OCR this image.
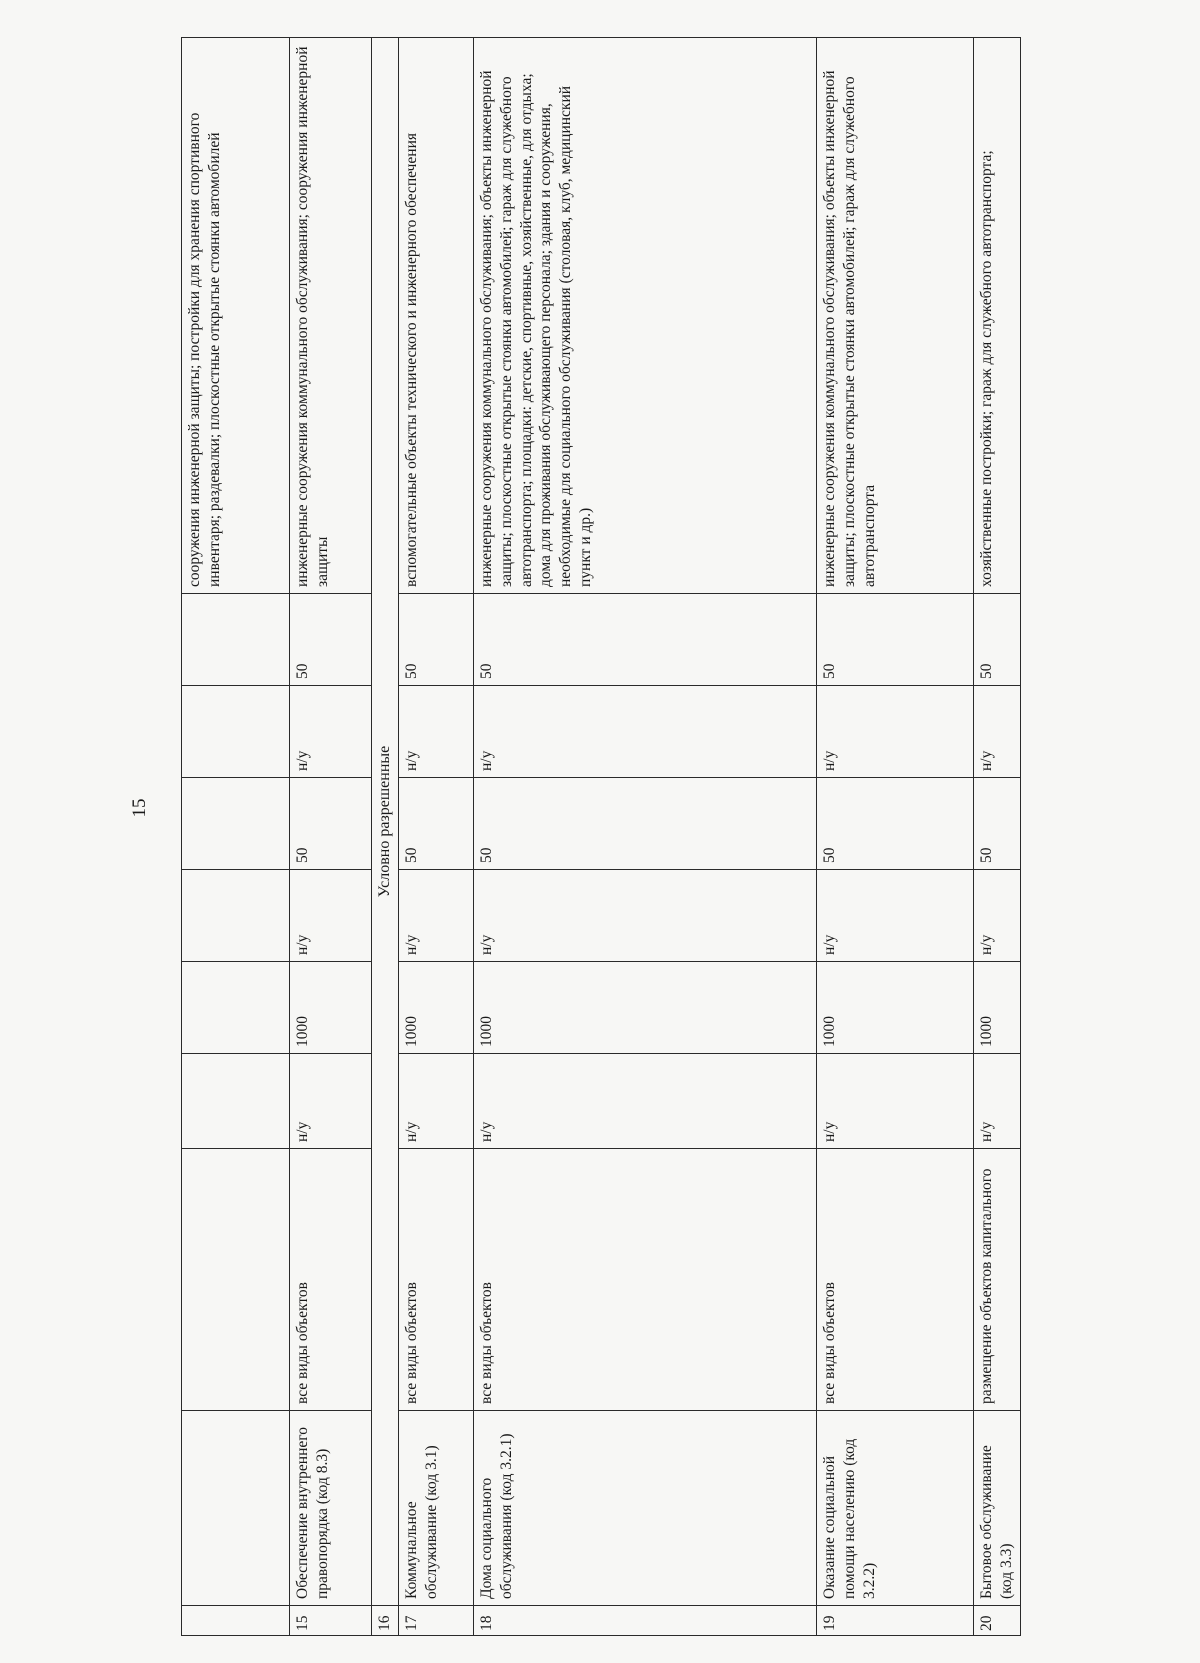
15
									сооружения инженерной защиты; постройки для хранения спортивного инвентаря; раздевалки; плоскостные открытые стоянки автомобилей
15	Обеспечение внутреннего правопорядка (код 8.3)	все виды объектов	н/у	1000	н/у	50	н/у	50	инженерные сооружения коммунального обслуживания; сооружения инженерной защиты
16	Условно разрешенные								
17	Коммунальное обслуживание (код 3.1)	все виды объектов	н/у	1000	н/у	50	н/у	50	вспомогательные объекты технического и инженерного обеспечения
18	Дома социального обслуживания (код 3.2.1)	все виды объектов	н/у	1000	н/у	50	н/у	50	инженерные сооружения коммунального обслуживания; объекты инженерной защиты; плоскостные открытые стоянки автомобилей; гараж для служебного автотранспорта; площадки: детские, спортивные, хозяйственные, для отдыха; дома для проживания обслуживающего персонала; здания и сооружения, необходимые для социального обслуживания (столовая, клуб, медицинский пункт и др.)
19	Оказание социальной помощи населению (код 3.2.2)	все виды объектов	н/у	1000	н/у	50	н/у	50	инженерные сооружения коммунального обслуживания; объекты инженерной защиты; плоскостные открытые стоянки автомобилей; гараж для служебного автотранспорта
20	Бытовое обслуживание (код 3.3)	размещение объектов капитального	н/у	1000	н/у	50	н/у	50	хозяйственные постройки; гараж для служебного автотранспорта;
